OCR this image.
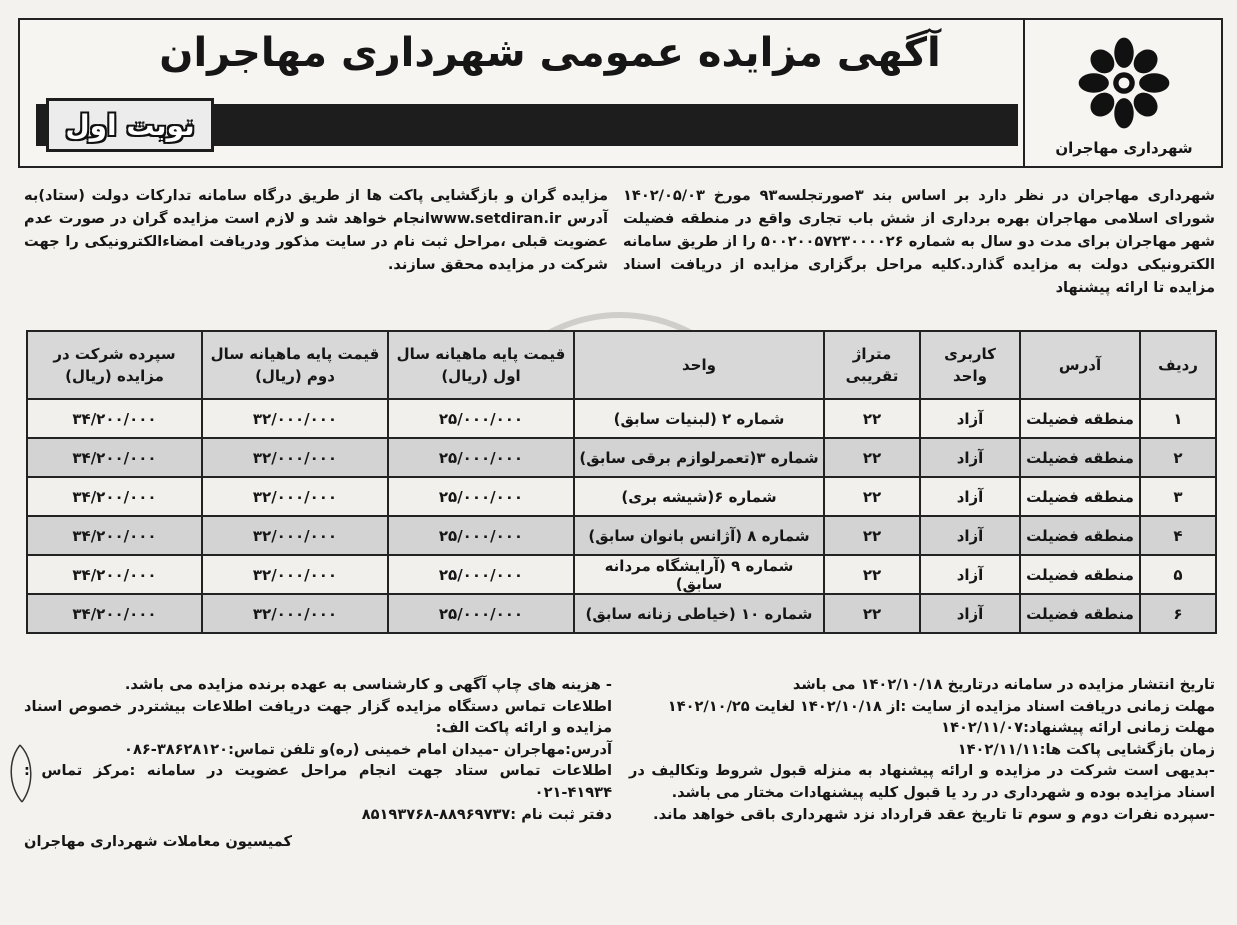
شهرداری مهاجران
آگهی مزایده عمومی شهرداری مهاجران
نوبت اول
شهرداری مهاجران در نظر دارد بر اساس بند ۳صورتجلسه۹۳ مورخ ۱۴۰۲/۰۵/۰۳ شورای اسلامی مهاجران بهره برداری از شش باب تجاری واقع در منطقه فضیلت شهر مهاجران برای مدت دو سال به شماره ۵۰۰۲۰۰۵۷۲۳۰۰۰۰۲۶ را از طریق سامانه الکترونیکی دولت به مزایده گذارد.کلیه مراحل برگزاری مزایده از دریافت اسناد مزایده تا ارائه پیشنهاد
مزایده گران و بازگشایی پاکت ها از طریق درگاه سامانه تدارکات دولت (ستاد)به آدرس www.setdiran.irانجام خواهد شد و لازم است مزایده گران در صورت عدم عضویت قبلی ،مراحل ثبت نام در سایت مذکور ودریافت امضاءالکترونیکی را جهت شرکت در مزایده محقق سازند.
ردیف	آدرس	کاربری واحد	متراژ تقریبی	واحد	قیمت پایه ماهیانه سال اول (ریال)	قیمت پایه ماهیانه سال دوم (ریال)	سپرده شرکت در مزایده (ریال)
۱	منطقه فضیلت	آزاد	۲۲	شماره ۲ (لبنیات سابق)	۲۵/۰۰۰/۰۰۰	۳۲/۰۰۰/۰۰۰	۳۴/۲۰۰/۰۰۰
۲	منطقه فضیلت	آزاد	۲۲	شماره ۳(تعمرلوازم برقی سابق)	۲۵/۰۰۰/۰۰۰	۳۲/۰۰۰/۰۰۰	۳۴/۲۰۰/۰۰۰
۳	منطقه فضیلت	آزاد	۲۲	شماره ۶(شیشه بری)	۲۵/۰۰۰/۰۰۰	۳۲/۰۰۰/۰۰۰	۳۴/۲۰۰/۰۰۰
۴	منطقه فضیلت	آزاد	۲۲	شماره ۸ (آژانس بانوان سابق)	۲۵/۰۰۰/۰۰۰	۳۲/۰۰۰/۰۰۰	۳۴/۲۰۰/۰۰۰
۵	منطقه فضیلت	آزاد	۲۲	شماره ۹ (آرایشگاه مردانه سابق)	۲۵/۰۰۰/۰۰۰	۳۲/۰۰۰/۰۰۰	۳۴/۲۰۰/۰۰۰
۶	منطقه فضیلت	آزاد	۲۲	شماره ۱۰ (خیاطی زنانه سابق)	۲۵/۰۰۰/۰۰۰	۳۲/۰۰۰/۰۰۰	۳۴/۲۰۰/۰۰۰

تاریخ انتشار مزایده در سامانه درتاریخ ۱۴۰۲/۱۰/۱۸ می باشد

مهلت زمانی دریافت اسناد مزایده از سایت :از ۱۴۰۲/۱۰/۱۸ لغایت ۱۴۰۲/۱۰/۲۵

مهلت زمانی ارائه پیشنهاد:۱۴۰۲/۱۱/۰۷

زمان بازگشایی پاکت ها:۱۴۰۲/۱۱/۱۱

-بدیهی است شرکت در مزایده و ارائه پیشنهاد به منزله قبول شروط وتکالیف در اسناد مزایده بوده و شهرداری در رد یا قبول کلیه پیشنهادات مختار می باشد.

-سپرده نفرات دوم و سوم تا تاریخ عقد قرارداد نزد شهرداری باقی خواهد ماند.

- هزینه های چاپ آگهی و کارشناسی به عهده برنده مزایده می باشد.

اطلاعات تماس دستگاه مزایده گزار جهت دریافت اطلاعات بیشتردر خصوص اسناد مزایده و ارائه پاکت الف:

آدرس:مهاجران -میدان امام خمینی (ره)و تلفن تماس:۳۸۶۲۸۱۲۰-۰۸۶

اطلاعات تماس ستاد جهت انجام مراحل عضویت در سامانه :مرکز تماس : ۴۱۹۳۴-۰۲۱

دفتر ثبت نام :۸۸۹۶۹۷۳۷-۸۵۱۹۳۷۶۸

کمیسیون معاملات شهرداری مهاجران
